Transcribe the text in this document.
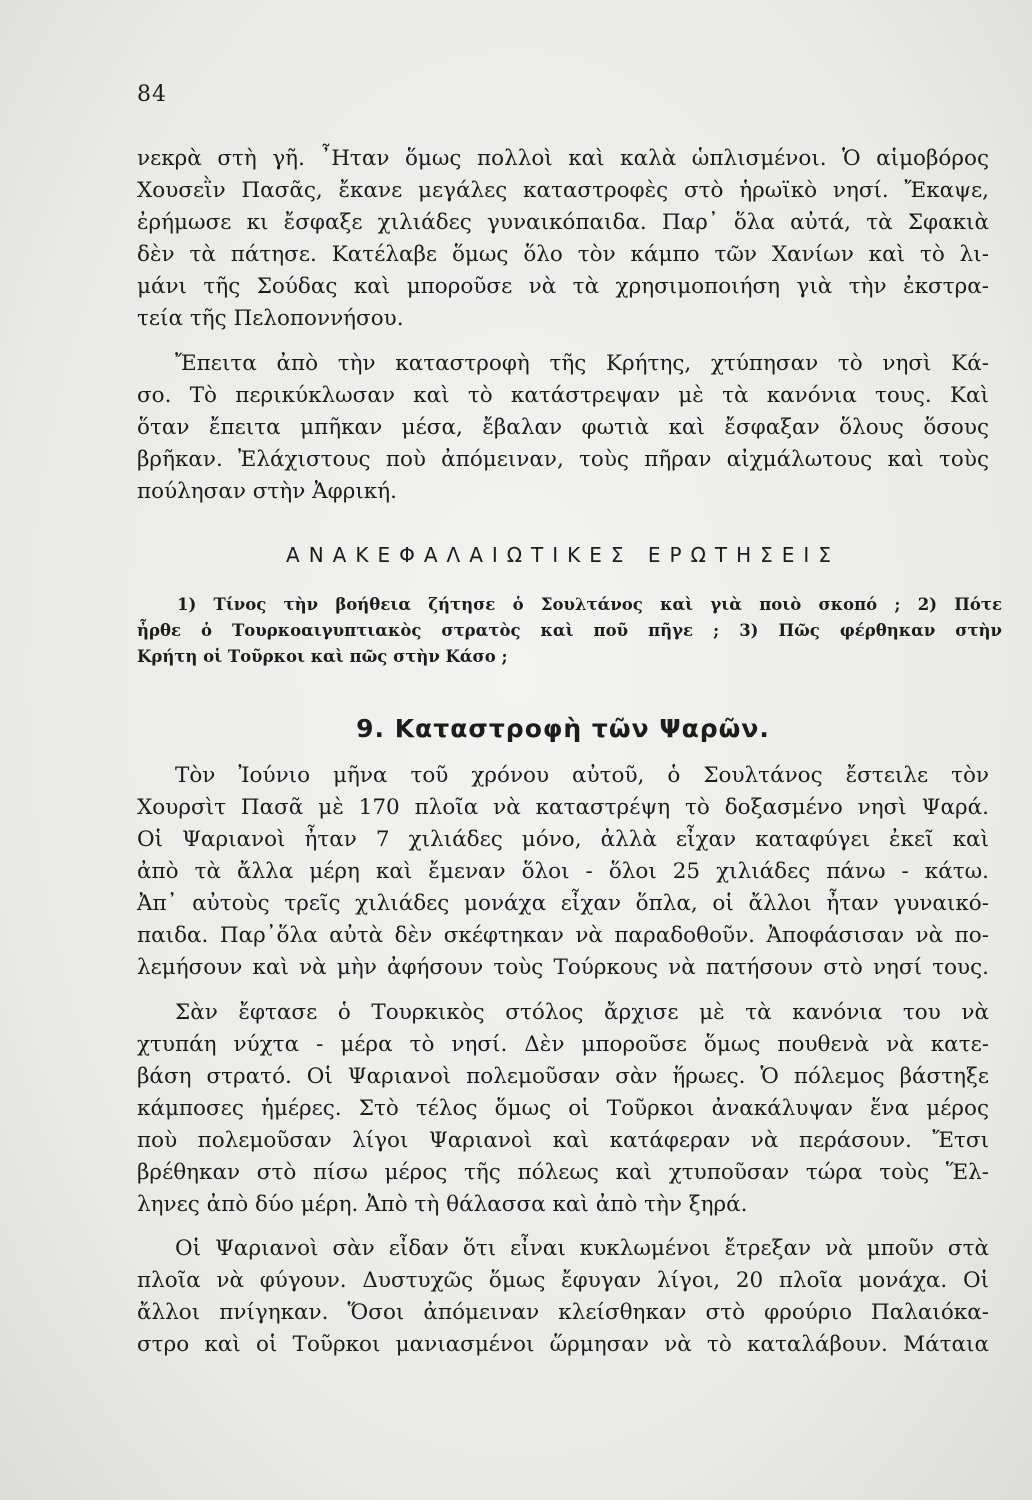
84
νεκρὰ στὴ γῆ. ῏Ηταν ὅμως πολλοὶ καὶ καλὰ ὡπλισμένοι. Ὁ αἱμοβόρος
Χουσεῒν Πασᾶς, ἔκανε μεγάλες καταστροφὲς στὸ ἡρωϊκὸ νησί. Ἔκαψε,
ἐρήμωσε κι ἔσφαξε χιλιάδες γυναικόπαιδα. Παρ᾿ ὅλα αὐτά, τὰ Σφακιὰ
δὲν τὰ πάτησε. Κατέλαβε ὅμως ὅλο τὸν κάμπο τῶν Χανίων καὶ τὸ λι-
μάνι τῆς Σούδας καὶ μποροῦσε νὰ τὰ χρησιμοποιήση γιὰ τὴν ἐκστρα-
τεία τῆς Πελοποννήσου.
Ἔπειτα ἀπὸ τὴν καταστροφὴ τῆς Κρήτης, χτύπησαν τὸ νησὶ Κά-
σο. Τὸ περικύκλωσαν καὶ τὸ κατάστρεψαν μὲ τὰ κανόνια τους. Καὶ
ὅταν ἔπειτα μπῆκαν μέσα, ἔβαλαν φωτιὰ καὶ ἔσφαξαν ὅλους ὅσους
βρῆκαν. Ἐλάχιστους ποὺ ἀπόμειναν, τοὺς πῆραν αἰχμάλωτους καὶ τοὺς
πούλησαν στὴν Ἀφρική.
ΑΝΑΚΕΦΑΛΑΙΩΤΙΚΕΣ ΕΡΩΤΗΣΕΙΣ
1) Τίνος τὴν βοήθεια ζήτησε ὁ Σουλτάνος καὶ γιὰ ποιὸ σκοπό ; 2) Πότε
ἦρθε ὁ Τουρκοαιγυπτιακὸς στρατὸς καὶ ποῦ πῆγε ; 3) Πῶς φέρθηκαν στὴν
Κρήτη οἱ Τοῦρκοι καὶ πῶς στὴν Κάσο ;
9. Καταστροφὴ τῶν Ψαρῶν.
Τὸν Ἰούνιο μῆνα τοῦ χρόνου αὐτοῦ, ὁ Σουλτάνος ἔστειλε τὸν
Χουρσὶτ Πασᾶ μὲ 170 πλοῖα νὰ καταστρέψη τὸ δοξασμένο νησὶ Ψαρά.
Οἱ Ψαριανοὶ ἦταν 7 χιλιάδες μόνο, ἀλλὰ εἶχαν καταφύγει ἐκεῖ καὶ
ἀπὸ τὰ ἄλλα μέρη καὶ ἔμεναν ὅλοι - ὅλοι 25 χιλιάδες πάνω - κάτω.
Ἀπ᾿ αὐτοὺς τρεῖς χιλιάδες μονάχα εἶχαν ὅπλα, οἱ ἄλλοι ἦταν γυναικό-
παιδα. Παρ᾿ὅλα αὐτὰ δὲν σκέφτηκαν νὰ παραδοθοῦν. Ἀποφάσισαν νὰ πο-
λεμήσουν καὶ νὰ μὴν ἀφήσουν τοὺς Τούρκους νὰ πατήσουν στὸ νησί τους.
Σὰν ἔφτασε ὁ Τουρκικὸς στόλος ἄρχισε μὲ τὰ κανόνια του νὰ
χτυπάη νύχτα - μέρα τὸ νησί. Δὲν μποροῦσε ὅμως πουθενὰ νὰ κατε-
βάση στρατό. Οἱ Ψαριανοὶ πολεμοῦσαν σὰν ἥρωες. Ὁ πόλεμος βάστηξε
κάμποσες ἡμέρες. Στὸ τέλος ὅμως οἱ Τοῦρκοι ἀνακάλυψαν ἕνα μέρος
ποὺ πολεμοῦσαν λίγοι Ψαριανοὶ καὶ κατάφεραν νὰ περάσουν. Ἔτσι
βρέθηκαν στὸ πίσω μέρος τῆς πόλεως καὶ χτυποῦσαν τώρα τοὺς Ἕλ-
ληνες ἀπὸ δύο μέρη. Ἀπὸ τὴ θάλασσα καὶ ἀπὸ τὴν ξηρά.
Οἱ Ψαριανοὶ σὰν εἶδαν ὅτι εἶναι κυκλωμένοι ἔτρεξαν νὰ μποῦν στὰ
πλοῖα νὰ φύγουν. Δυστυχῶς ὅμως ἔφυγαν λίγοι, 20 πλοῖα μονάχα. Οἱ
ἄλλοι πνίγηκαν. Ὅσοι ἀπόμειναν κλείσθηκαν στὸ φρούριο Παλαιόκα-
στρο καὶ οἱ Τοῦρκοι μανιασμένοι ὥρμησαν νὰ τὸ καταλάβουν. Μάταια
